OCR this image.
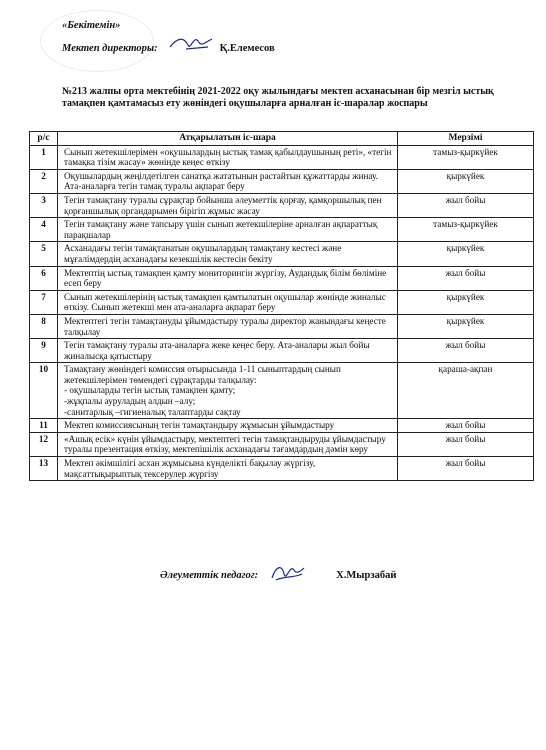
«Бекітемін»
Мектеп директоры:	Қ.Елемесов
№213 жалпы орта мектебінің 2021-2022 оқу жылындағы мектеп асханасынан бір мезгіл ыстық тамақпен қамтамасыз ету жөніндегі оқушыларға арналған іс-шаралар жоспары
р/с	Атқарылатын іс-шара	Мерзімі
1	Сынып жетекшілерімен «оқушылардың ыстық тамақ қабылдаушының реті», «тегін тамақка тізім жасау» жөнінде кеңес өткізу	тамыз-қыркүйек
2	Оқушылардың жеңілдетілген санатқа жататынын растайтын құжаттарды жинау. Ата-аналарға тегін тамақ туралы ақпарат беру	қыркүйек
3	Тегін тамақтану туралы сұрақтар бойынша әлеуметтік қорғау, қамқоршылық пен қорғаншылық органдарымен бірігіп жұмыс жасау	жыл бойы
4	Тегін тамақтану және тапсыру үшін сынып жетекшілеріне арналған ақпараттық парақшалар	тамыз-қыркүйек
5	Асханадағы тегін тамақтанатын оқушылардың тамақтану кестесі және мұғалімдердің асханадағы кезекшілік кестесін бекіту	қыркүйек
6	Мектептің ыстық тамақпен қамту мониторингін жүргізу, Аудандық білім бөліміне есеп беру	жыл бойы
7	Сынып жетекшілерінің ыстық тамақпен қамтылатын оқушылар жөнінде жиналыс өткізу. Сынып жетекші мен ата-аналарға ақпарат беру	қыркүйек
8	Мектептегі тегін тамақтануды ұйымдастыру туралы директор жанындағы кеңесте талқылау	қыркүйек
9	Тегін тамақтану туралы ата-аналарға жеке кеңес беру. Ата-аналары жыл бойы жиналысқа қатыстыру	жыл бойы
10	Тамақтану жөніндегі комиссия отырысында 1-11 сыныптардың сынып жетекшілерімен төмендегі сұрақтарды талқылау:
- оқушыларды тегін ыстық тамақпен қамту;
-жұқпалы ауруладың алдын –алу;
-санитарлық –гигиеналық талаптарды сақтау	қараша-ақпан
11	Мектеп комиссиясының тегін тамақтандыру жұмысын ұйымдастыру	жыл бойы
12	«Ашық есік» күнін ұйымдастыру, мектептегі тегін тамақтандыруды ұйымдастыру туралы презентация өткізу, мектепішілік асханадағы тағамдардың дәмін көру	жыл бойы
13	Мектеп әкімшілігі асхан жұмысына күнделікті бақылау жүргізу, мақсаттықырыптық тексерулер жүргізу	жыл бойы
Әлеуметтік педагог:	Х.Мырзабай
